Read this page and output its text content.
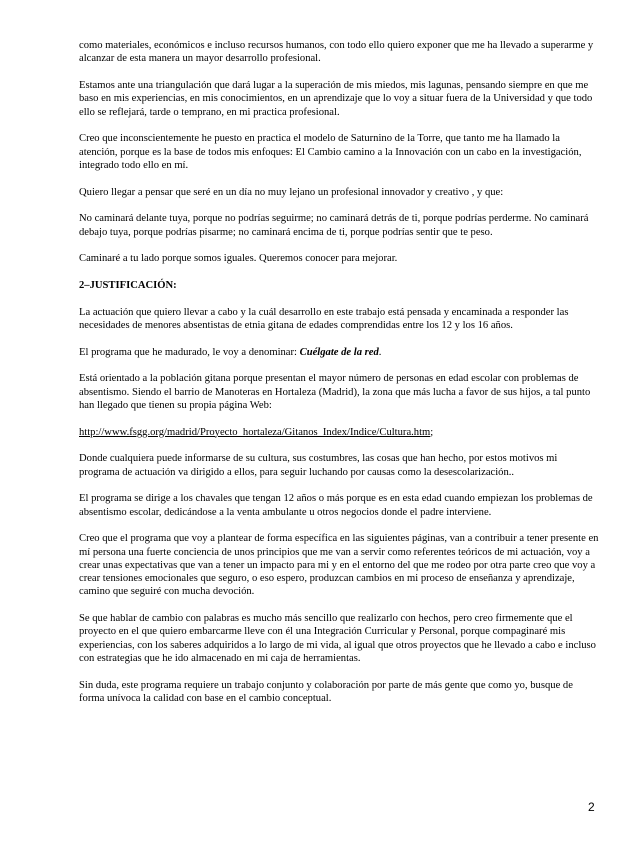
como materiales, económicos e incluso recursos humanos, con todo ello quiero exponer que me ha llevado a superarme y alcanzar de esta manera un mayor desarrollo profesional.

Estamos ante una triangulación que dará lugar a la superación de mis miedos, mis lagunas, pensando siempre en que me baso en mis experiencias, en mis conocimientos, en un aprendizaje que lo voy a situar fuera de la Universidad y que todo ello se reflejará, tarde o temprano, en mi practica profesional.

Creo que inconscientemente he puesto en practica el modelo de Saturnino de la Torre, que tanto me ha llamado la atención, porque es la base de todos mis enfoques: El Cambio camino a la Innovación con un cabo en la investigación, integrado todo ello en mí.

Quiero llegar a pensar que seré en un día no muy lejano un profesional innovador y creativo , y que:

No caminará delante tuya, porque no podrías seguirme; no caminará detrás de ti, porque podrías perderme. No caminará debajo tuya, porque podrías pisarme; no caminará encima de ti, porque podrías sentir que te peso.

Caminaré a tu lado porque somos iguales. Queremos conocer para mejorar.

2–JUSTIFICACIÓN:

La actuación que quiero llevar a cabo y la cuál desarrollo en este trabajo está pensada y encaminada a responder las necesidades de menores absentistas de etnia gitana de edades comprendidas entre los 12 y los 16 años.

El programa que he madurado, le voy a denominar: Cuélgate de la red.

Está orientado a la población gitana porque presentan el mayor número de personas en edad escolar con problemas de absentismo. Siendo el barrio de Manoteras en Hortaleza (Madrid), la zona que más lucha a favor de sus hijos, a tal punto han llegado que tienen su propia página Web:

http://www.fsgg.org/madrid/Proyecto_hortaleza/Gitanos_Index/Indice/Cultura.htm;

Donde cualquiera puede informarse de su cultura, sus costumbres, las cosas que han hecho, por estos motivos mi programa de actuación va dirigido a ellos, para seguir luchando por causas como la desescolarización..

El programa se dirige a los chavales que tengan 12 años o más porque es en esta edad cuando empiezan los problemas de absentismo escolar, dedicándose a la venta ambulante u otros negocios donde el padre interviene.

Creo que el programa que voy a plantear de forma específica en las siguientes páginas, van a contribuir a tener presente en mí persona una fuerte conciencia de unos principios que me van a servir como referentes teóricos de mi actuación, voy a crear unas expectativas que van a tener un impacto para mi y en el entorno del que me rodeo por otra parte creo que voy a crear tensiones emocionales que seguro, o eso espero, produzcan cambios en mi proceso de enseñanza y aprendizaje, camino que seguiré con mucha devoción.

Se que hablar de cambio con palabras es mucho más sencillo que realizarlo con hechos, pero creo firmemente que el proyecto en el que quiero embarcarme lleve con él una Integración Curricular y Personal, porque compaginaré mis experiencias, con los saberes adquiridos a lo largo de mi vida, al igual que otros proyectos que he llevado a cabo e incluso con estrategias que he ido almacenado en mi caja de herramientas.

Sin duda, este programa requiere un trabajo conjunto y colaboración por parte de más gente que como yo, busque de forma unívoca la calidad con base en el cambio conceptual.

2
